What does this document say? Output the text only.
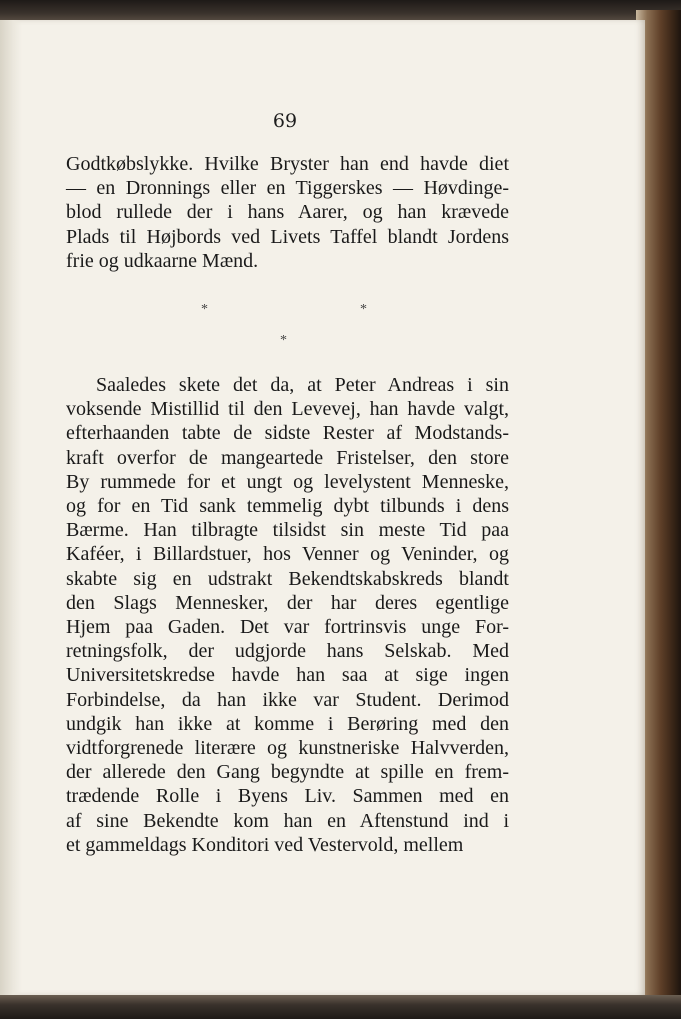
69
Godtkøbslykke. Hvilke Bryster han end havde diet
— en Dronnings eller en Tiggerskes — Høvdinge-
blod rullede der i hans Aarer, og han krævede
Plads til Højbords ved Livets Taffel blandt Jordens
frie og udkaarne Mænd.
*	*
*
Saaledes skete det da, at Peter Andreas i sin
voksende Mistillid til den Levevej, han havde valgt,
efterhaanden tabte de sidste Rester af Modstands-
kraft overfor de mangeartede Fristelser, den store
By rummede for et ungt og levelystent Menneske,
og for en Tid sank temmelig dybt tilbunds i dens
Bærme. Han tilbragte tilsidst sin meste Tid paa
Kaféer, i Billardstuer, hos Venner og Veninder, og
skabte sig en udstrakt Bekendtskabskreds blandt
den Slags Mennesker, der har deres egentlige
Hjem paa Gaden. Det var fortrinsvis unge For-
retningsfolk, der udgjorde hans Selskab. Med
Universitetskredse havde han saa at sige ingen
Forbindelse, da han ikke var Student. Derimod
undgik han ikke at komme i Berøring med den
vidtforgrenede literære og kunstneriske Halvverden,
der allerede den Gang begyndte at spille en frem-
trædende Rolle i Byens Liv. Sammen med en
af sine Bekendte kom han en Aftenstund ind i
et gammeldags Konditori ved Vestervold, mellem
